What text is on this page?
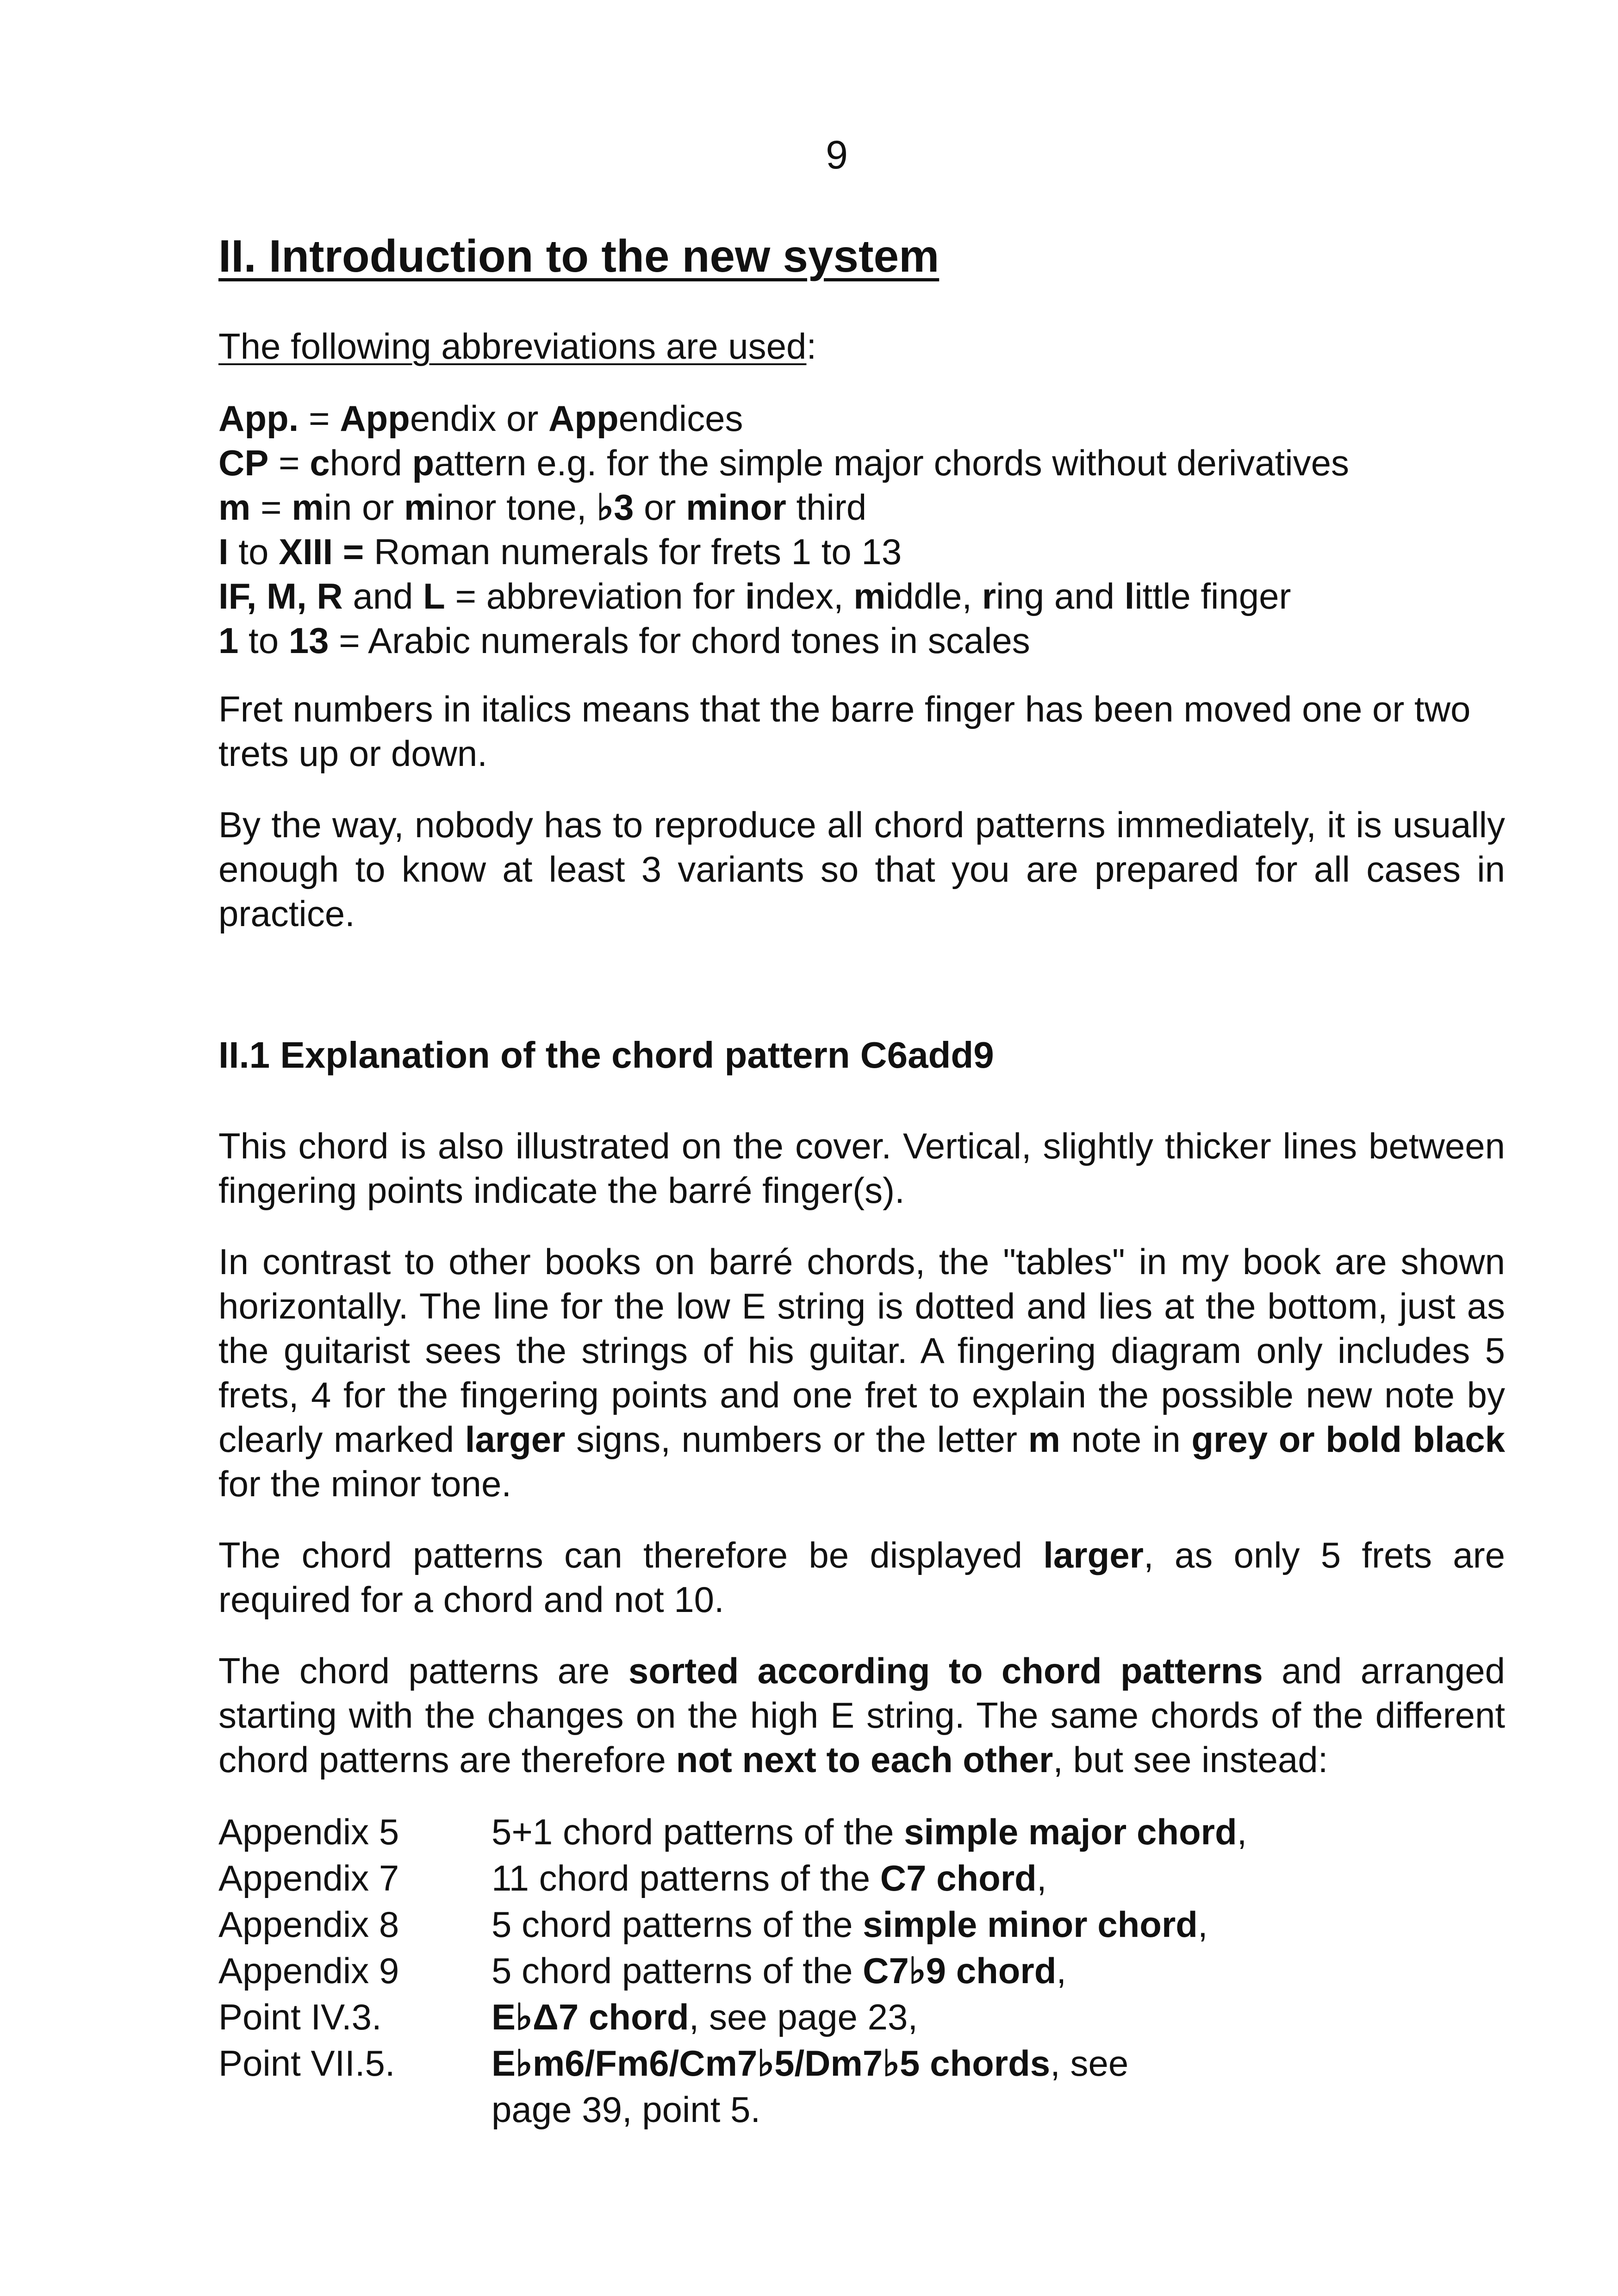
9
II. Introduction to the new system
The following abbreviations are used:
App. = Appendix or Appendices
CP = chord pattern e.g. for the simple major chords without derivatives
m = min or minor tone, ♭3 or minor third
I to XIII = Roman numerals for frets 1 to 13
IF, M, R and L = abbreviation for index, middle, ring and little finger
1 to 13 = Arabic numerals for chord tones in scales

Fret numbers in italics means that the barre finger has been moved one or two trets up or down.

By the way, nobody has to reproduce all chord patterns immediately, it is usually enough to know at least 3 variants so that you are prepared for all cases in practice.

II.1 Explanation of the chord pattern C6add9

This chord is also illustrated on the cover. Vertical, slightly thicker lines between fingering points indicate the barré finger(s).

In contrast to other books on barré chords, the "tables" in my book are shown horizontally. The line for the low E string is dotted and lies at the bottom, just as the guitarist sees the strings of his guitar. A fingering diagram only includes 5 frets, 4 for the fingering points and one fret to explain the possible new note by clearly marked larger signs, numbers or the letter m note in grey or bold black for the minor tone.

The chord patterns can therefore be displayed larger, as only 5 frets are required for a chord and not 10.

The chord patterns are sorted according to chord patterns and arranged starting with the changes on the high E string. The same chords of the different chord patterns are therefore not next to each other, but see instead:

Appendix 5	5+1 chord patterns of the simple major chord,
Appendix 7	11 chord patterns of the C7 chord,
Appendix 8	5 chord patterns of the simple minor chord,
Appendix 9	5 chord patterns of the C7♭9 chord,
Point IV.3.	E♭Δ7 chord, see page 23,
Point VII.5.	E♭m6/Fm6/Cm7♭5/Dm7♭5 chords, see
page 39, point 5.
